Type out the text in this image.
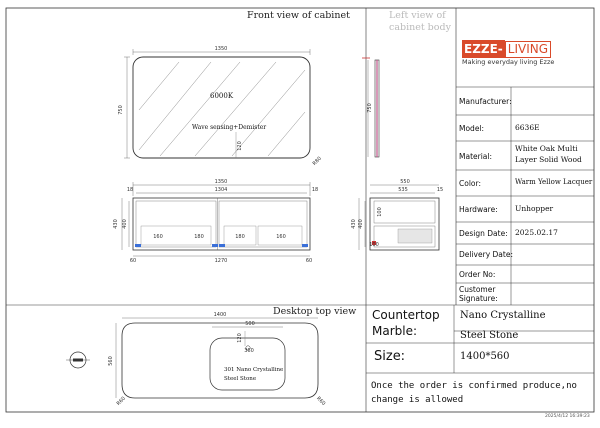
1350
750
120
R80
750
1350
1304
18	18
430 400
160	180	180	160
60	1270	60
550
535	15
430 400
100
100
1400
500
560
120
360
R60	R60
Front view of cabinet	Left view of
cabinet body
Desktop top view
6000K
Wave sensing+Demister
301 Nano Crystalline
Steel Stone
EZZE- LIVING
Making everyday living Ezze
Manufacturer:
Model:	6636E
Material:
White Oak Multi Layer Solid Wood
Color:	Warm Yellow Lacquer
Hardware: Unhopper
Design Date: 2025.02.17
Delivery Date:
Order No:
Customer Signature:
Countertop Marble:
Nano Crystalline
Steel Stone
Size:	1400*560
Once the order is confirmed produce,no change is allowed
2025/4/12 16:39:23
